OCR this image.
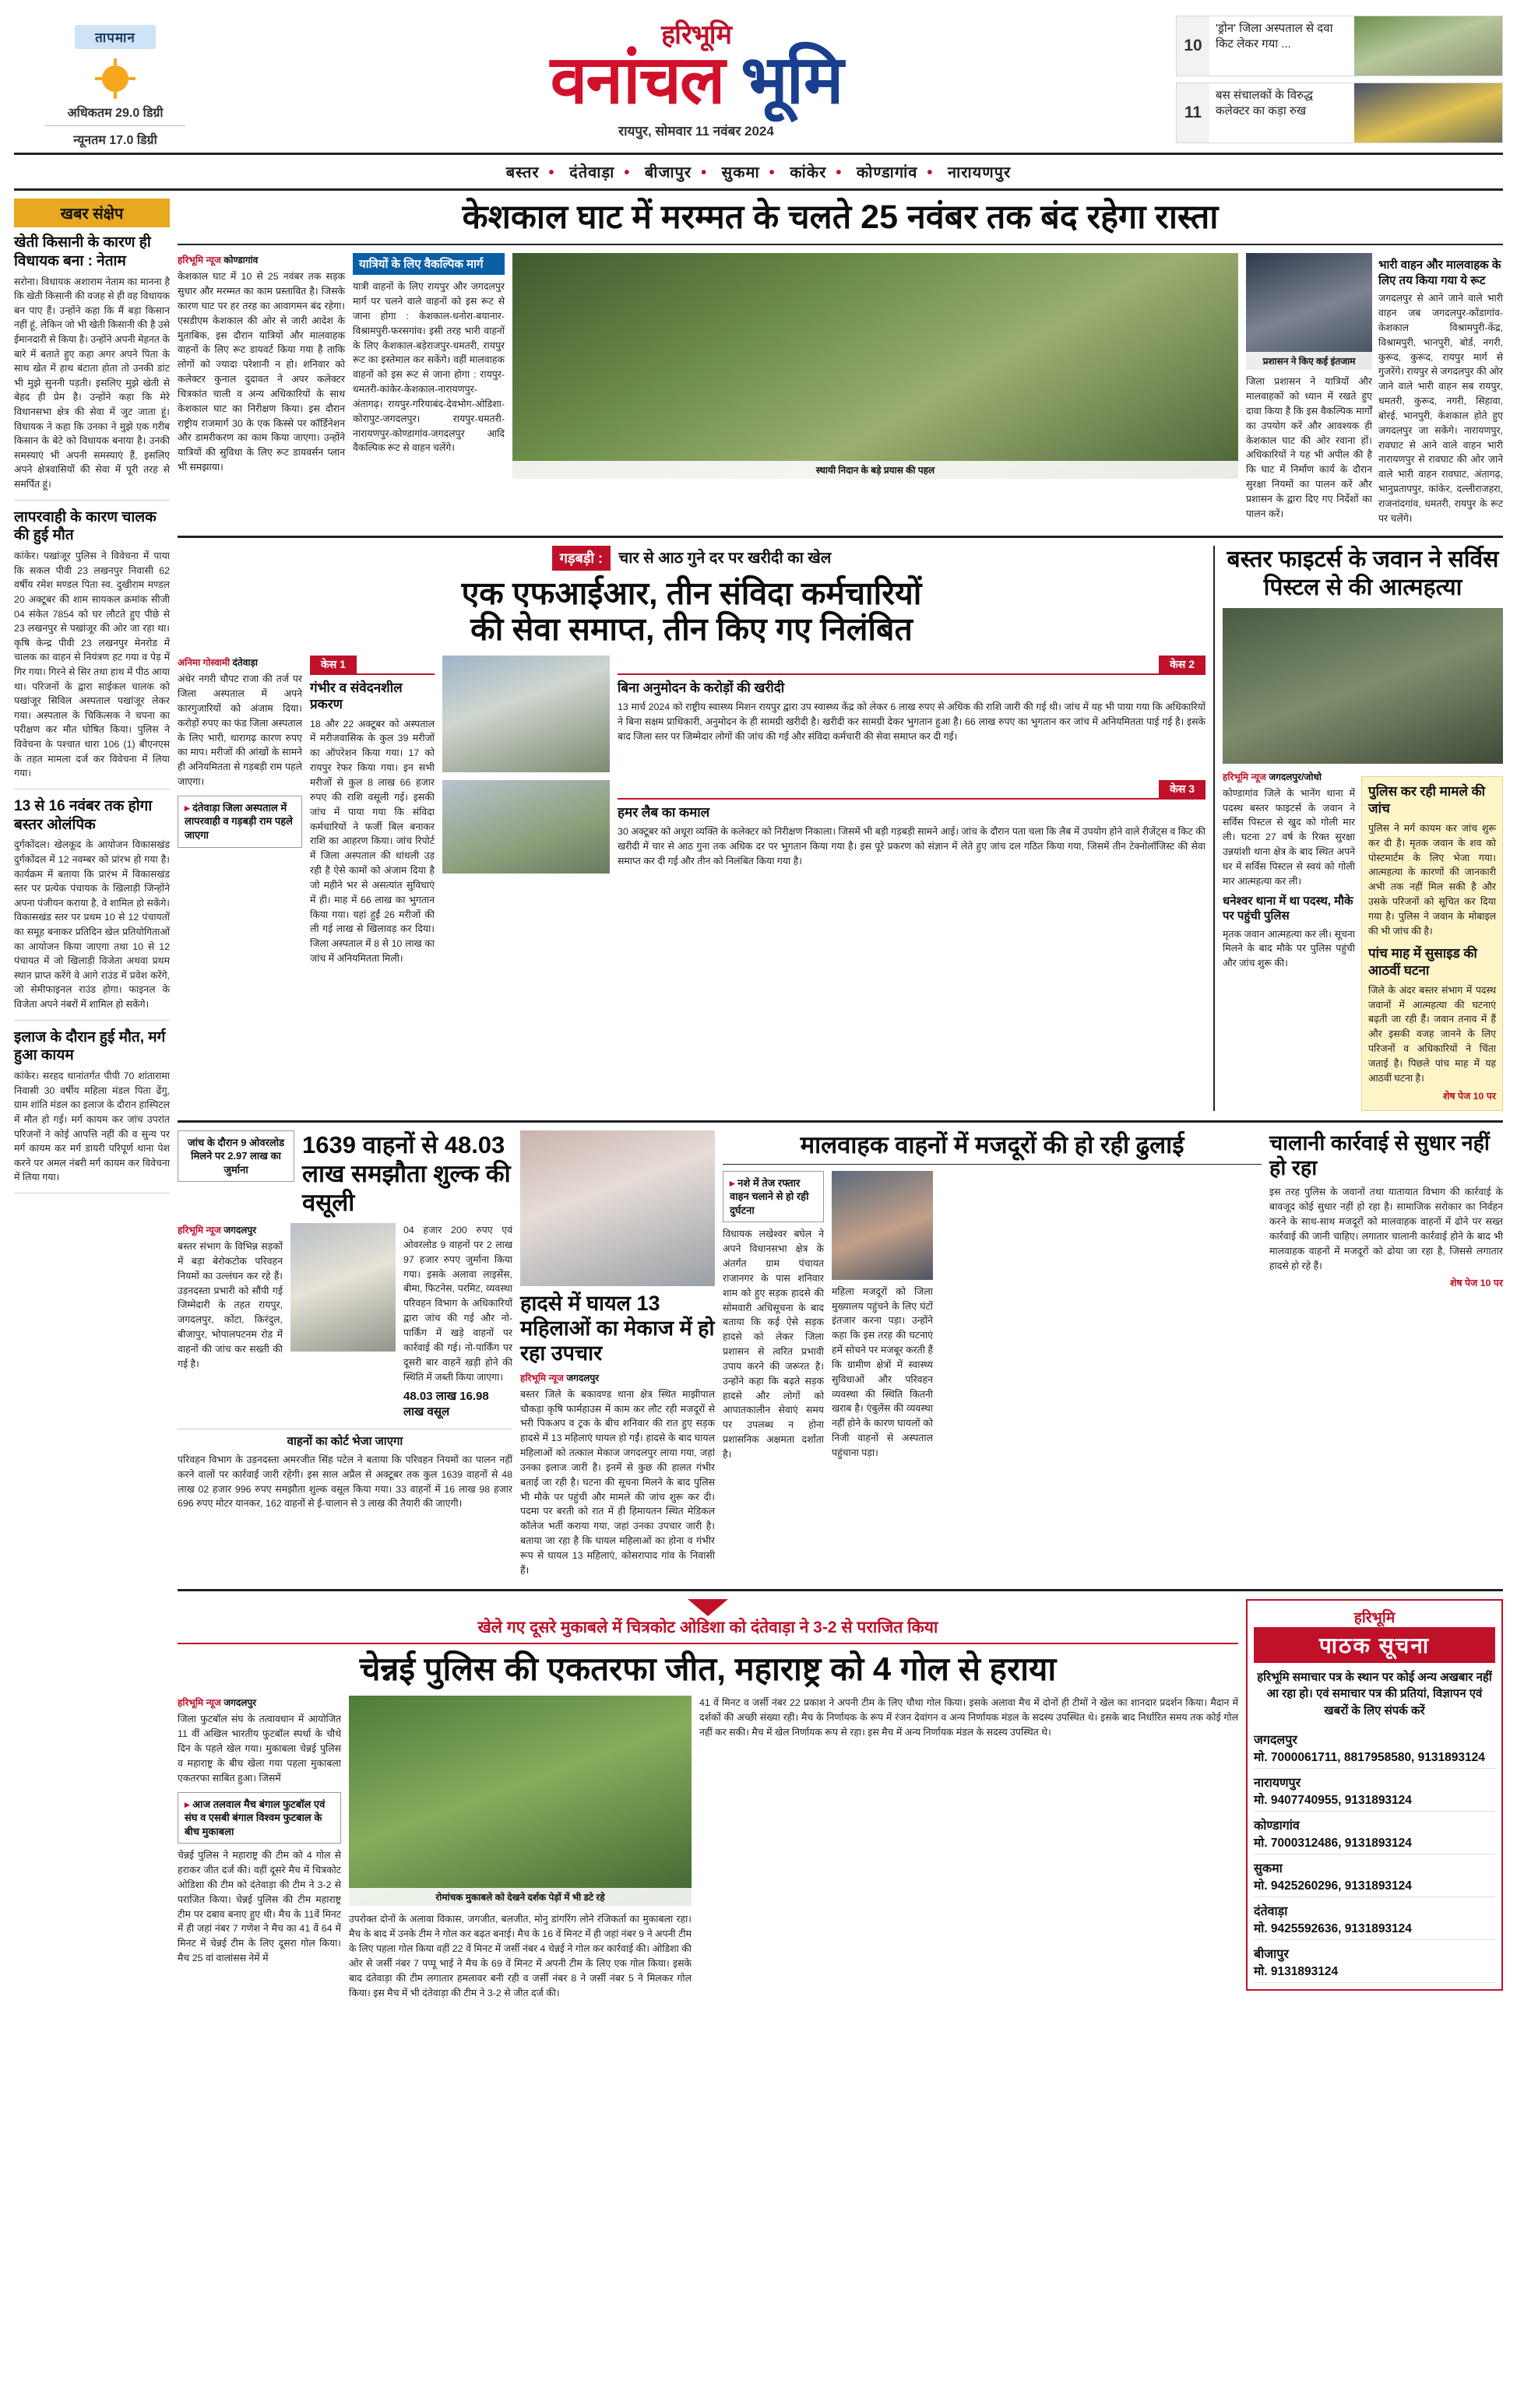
तापमान
अधिकतम 29.0 डिग्री
न्यूनतम 17.0 डिग्री
हरिभूमि
वनांचल भूमि
रायपुर, सोमवार 11 नवंबर 2024
10
'ड्रोन' जिला अस्पताल से दवा किट लेकर गया ...
11
बस संचालकों के विरुद्ध कलेक्टर का कड़ा रुख
बस्तर • दंतेवाड़ा • बीजापुर • सुकमा • कांकेर • कोण्डागांव • नारायणपुर
खबर संक्षेप
खेती किसानी के कारण ही विधायक बना : नेताम
सरोना। विधायक अशाराम नेताम का मानना है कि खेती किसानी की वजह से ही वह विधायक बन पाए हैं। उन्होंने कहा कि मैं बड़ा किसान नहीं हूं, लेकिन जो भी खेती किसानी की है उसे ईमानदारी से किया है। उन्होंने अपनी मेहनत के बारे में बताते हुए कहा अगर अपने पिता के साथ खेत में हाथ बंटाता होता तो उनकी डांट भी मुझे सुननी पड़ती। इसलिए मुझे खेती से बेहद ही प्रेम है। उन्होंने कहा कि मेरे विधानसभा क्षेत्र की सेवा में जुट जाता हूं। विधायक ने कहा कि उनका ने मुझे एक गरीब किसान के बेटे को विधायक बनाया है। उनकी समस्याएं भी अपनी समस्याएं हैं, इसलिए अपने क्षेत्रवासियों की सेवा में पूरी तरह से समर्पित हूं।
लापरवाही के कारण चालक की हुई मौत
कांकेर। पखांजूर पुलिस ने विवेचना में पाया कि सकल पीवी 23 लखनपुर निवासी 62 वर्षीय रमेश मण्डल पिता स्व. दुखीराम मण्डल 20 अक्टूबर की शाम सायकल क्रमांक सीजी 04 संकेत 7854 को घर लौटते हुए पीछे से 23 लखनपुर से पखांजूर की ओर जा रहा था। कृषि केन्द्र पीवी 23 लखनपुर मेनरोड में चालक का वाहन से नियंत्रण हट गया व पेड़ में गिर गया। गिरने से सिर तथा हाथ में पीठ आया था। परिजनों के द्वारा साईकल चालक को पखांजूर सिविल अस्पताल पखांजूर लेकर गया। अस्पताल के चिकित्सक ने चपना का परीक्षण कर मौत घोषित किया। पुलिस ने विवेचना के पश्चात धारा 106 (1) बीएनएस के तहत मामला दर्ज कर विवेचना में लिया गया।
13 से 16 नवंबर तक होगा बस्तर ओलंपिक
दुर्गकोंदल। खेलकूद के आयोजन विकासखंड दुर्गकोंदल में 12 नवम्बर को प्रांरभ हो गया है। कार्यक्रम में बताया कि प्रारंभ में विकासखंड स्तर पर प्रत्येक पंचायक के खिलाड़ी जिन्होंने अपना पंजीयन कराया है, वे शामिल हो सकेंगे। विकासखंड स्तर पर प्रथम 10 से 12 पंचायतों का समूह बनाकर प्रतिदिन खेल प्रतियोगिताओं का आयोजन किया जाएगा तथा 10 से 12 पंचायत में जो खिलाड़ी विजेता अथवा प्रथम स्थान प्राप्त करेंगे वे आगे राउंड में प्रवेश करेंगे, जो सेमीफाइनल राउंड होगा। फाइनल के विजेता अपने नंबरों में शामिल हो सकेंगे।
इलाज के दौरान हुई मौत, मर्ग हुआ कायम
कांकेर। सरहद थानांतर्गत पीपी 70 शांतारामा निवासी 30 वर्षीय महिला मंडल पिता ढेंगु, ग्राम शांति मंडल का इलाज के दौरान हास्पिटल में मौत हो गई। मर्ग कायम कर जांच उपरांत परिजनों ने कोई आपत्ति नहीं की व सुन्य पर मर्ग कायम कर मर्ग डायरी परिपूर्ण थाना पेश करने पर अमल नंबरी मर्ग कायम कर विवेचना में लिया गया।
केशकाल घाट में मरम्मत के चलते 25 नवंबर तक बंद रहेगा रास्ता
हरिभूमि न्यूज कोण्डागांव
केशकाल घाट में 10 से 25 नवंबर तक सड़क सुधार और मरम्मत का काम प्रस्तावित है। जिसके कारण घाट पर हर तरह का आवागमन बंद रहेगा। एसडीएम केशकाल की ओर से जारी आदेश के मुताबिक, इस दौरान यात्रियों और मालवाहक वाहनों के लिए रूट डायवर्ट किया गया है ताकि लोगों को ज्यादा परेशानी न हो। शनिवार को कलेक्टर कुनाल दुदावत ने अपर कलेक्टर चित्रकांत चाली व अन्य अधिकारियों के साथ केशकाल घाट का निरीक्षण किया। इस दौरान राष्ट्रीय राजमार्ग 30 के एक किस्से पर कॉर्डिनेशन और डामरीकरण का काम किया जाएगा। उन्होंने यात्रियों की सुविधा के लिए रूट डायवर्सन प्लान भी समझाया।
यात्रियों के लिए वैकल्पिक मार्ग
यात्री वाहनों के लिए रायपुर और जगदलपुर मार्ग पर चलने वाले वाहनों को इस रूट से जाना होगा : केशकाल-धनोरा-बयानार-विश्रामपुरी-फरसगांव। इसी तरह भारी वाहनों के लिए केशकाल-बड़ेराजपुर-धमतरी, रायपुर रूट का इस्तेमाल कर सकेंगे। वहीं मालवाहक वाहनों को इस रूट से जाना होगा : रायपुर-धमतरी-कांकेर-केशकाल-नारायणपुर-अंतागढ़। रायपुर-गरियाबंद-देवभोग-ओडिशा-कोरापुट-जगदलपुर। रायपुर-धमतरी-नारायणपुर-कोण्डागांव-जगदलपुर आदि वैकल्पिक रूट से वाहन चलेंगे।
स्थायी निदान के बड़े प्रयास की पहल
प्रशासन ने किए कई इंतजाम
जिला प्रशासन ने यात्रियों और मालवाहकों को ध्यान में रखते हुए दावा किया है कि इस वैकल्पिक मार्गों का उपयोग करें और आवश्यक ही केशकाल घाट की ओर रवाना हों। अधिकारियों ने यह भी अपील की है कि घाट में निर्माण कार्य के दौरान सुरक्षा नियमों का पालन करें और प्रशासन के द्वारा दिए गए निर्देशों का पालन करें।
भारी वाहन और मालवाहक के लिए तय किया गया ये रूट
जगदलपुर से आने जाने वाले भारी वाहन जब जगदलपुर-कोंडागांव-केशकाल विश्रामपुरी-केंद्र, विश्रामपुरी, भानपुरी, बोर्ड, नगरी, कुरूद, कुरूद, रायपुर मार्ग से गुजरेंगे। रायपुर से जगदलपुर की ओर जाने वाले भारी वाहन सब रायपुर, धमतरी, कुरूद, नगरी, सिहावा, बोरई, भानपुरी, केशकाल होते हुए जगदलपुर जा सकेंगे। नारायणपुर, रावघाट से आने वाले वाहन भारी नारायणपुर से रावघाट की ओर जाने वाले भारी वाहन रावघाट, अंतागढ़, भानुप्रतापपुर, कांकेर, दल्लीराजहरा, राजनांदगांव, धमतरी, रायपुर के रूट पर चलेंगे।
गड़बड़ी : चार से आठ गुने दर पर खरीदी का खेल
एक एफआईआर, तीन संविदा कर्मचारियों
की सेवा समाप्त, तीन किए गए निलंबित
अनिमा गोस्वामी दंतेवाड़ा
अंधेर नगरी चौपट राजा की तर्ज पर जिला अस्पताल में अपने कारगुजारियों को अंजाम दिया। करोड़ों रुपए का फंड जिला अस्पताल के लिए भारी, थारागढ़ कारण रुपए का माप। मरीजों की आंखों के सामने ही अनियमितता से गड़बड़ी राम पहले जाएगा।
▸ दंतेवाड़ा जिला अस्पताल में लापरवाही व गड़बड़ी राम पहले जाएगा
केस 1
गंभीर व संवेदनशील प्रकरण
18 और 22 अक्टूबर को अस्पताल में मरीजवासिक के कुल 39 मरीजों का ऑपरेशन किया गया। 17 को रायपुर रेफर किया गया। इन सभी मरीजों से कुल 8 लाख 66 हजार रुपए की राशि वसूली गई। इसकी जांच में पाया गया कि संविदा कर्मचारियों ने फर्जी बिल बनाकर राशि का आहरण किया। जांच रिपोर्ट में जिला अस्पताल की धांधली उड़ रही है ऐसे कामों को अंजाम दिया है जो महीने भर से असत्यांत सुविधाएं में ही। माह में 66 लाख का भुगतान किया गया। यहां हुईं 26 मरीजों की ली गई लाख से खिलावड़ कर दिया। जिला अस्पताल में 8 से 10 लाख का जांच में अनियमितता मिली।
केस 2
बिना अनुमोदन के करोड़ों की खरीदी
13 मार्च 2024 को राष्ट्रीय स्वास्थ्य मिशन रायपुर द्वारा उप स्वास्थ्य केंद्र को लेकर 6 लाख रुपए से अधिक की राशि जारी की गई थी। जांच में यह भी पाया गया कि अधिकारियों ने बिना सक्षम प्राधिकारी, अनुमोदन के ही सामग्री खरीदी है। खरीदी कर सामग्री देकर भुगतान हुआ है। 66 लाख रुपए का भुगतान कर जांच में अनियमितता पाई गई है। इसके बाद जिला स्तर पर जिम्मेदार लोगों की जांच की गई और संविदा कर्मचारी की सेवा समाप्त कर दी गई।
केस 3
हमर लैब का कमाल
30 अक्टूबर को अधूरा व्यक्ति के कलेक्टर को निरीक्षण निकाला। जिसमें भी बड़ी गड़बड़ी सामने आई। जांच के दौरान पता चला कि लैब में उपयोग होने वाले रीजेंट्स व किट की खरीदी में चार से आठ गुना तक अधिक दर पर भुगतान किया गया है। इस पूरे प्रकरण को संज्ञान में लेते हुए जांच दल गठित किया गया, जिसमें तीन टेक्नोलॉजिस्ट की सेवा समाप्त कर दी गई और तीन को निलंबित किया गया है।
बस्तर फाइटर्स के जवान ने सर्विस पिस्टल से की आत्महत्या
हरिभूमि न्यूज जगदलपुर/जोधो
कोण्डागांव जिले के भानेंग थाना में पदस्थ बस्तर फाइटर्स के जवान ने सर्विस पिस्टल से खुद को गोली मार ली। घटना 27 वर्ष के रिक्त सुरक्षा उन्नयांशी थाना क्षेत्र के बाद स्थित अपने घर में सर्विस पिस्टल से स्वयं को गोली मार आत्महत्या कर ली।
धनेश्वर थाना में था पदस्थ, मौके पर पहुंची पुलिस
मृतक जवान आत्महत्या कर ली। सूचना मिलने के बाद मौके पर पुलिस पहुंची और जांच शुरू की।
पुलिस कर रही मामले की जांच
पुलिस ने मर्ग कायम कर जांच शुरू कर दी है। मृतक जवान के शव को पोस्टमार्टम के लिए भेजा गया। आत्महत्या के कारणों की जानकारी अभी तक नहीं मिल सकी है और उसके परिजनों को सूचित कर दिया गया है। पुलिस ने जवान के मोबाइल की भी जांच की है।
पांच माह में सुसाइड की आठवीं घटना
जिले के अंदर बस्तर संभाग में पदस्थ जवानों में आत्महत्या की घटनाएं बढ़ती जा रही हैं। जवान तनाव में हैं और इसकी वजह जानने के लिए परिजनों व अधिकारियों ने चिंता जताई है। पिछले पांच माह में यह आठवीं घटना है।
शेष पेज 10 पर
जांच के दौरान 9 ओवरलोड मिलने पर 2.97 लाख का जुर्माना
1639 वाहनों से 48.03 लाख समझौता शुल्क की वसूली
हरिभूमि न्यूज जगदलपुर
बस्तर संभाग के विभिन्न सड़कों में बड़ा बेरोकटोक परिवहन नियमों का उल्लंघन कर रहे हैं। उड़नदस्ता प्रभारी को सौंपी गई जिम्मेदारी के तहत रायपुर, जगदलपुर, कोंटा, किरंदुल, बीजापुर, भोपालपटनम रोड में वाहनों की जांच कर सख्ती की गई है।
04 हजार 200 रुपए एवं ओवरलोड 9 वाहनों पर 2 लाख 97 हजार रुपए जुर्माना किया गया। इसके अलावा लाइसेंस, बीमा, फिटनेस, परमिट, व्यवस्था परिवहन विभाग के अधिकारियों द्वारा जांच की गई और नो-पार्किंग में खड़े वाहनों पर कार्रवाई की गई। नो-पार्किंग पर दूसरी बार वाहनें खड़ी होने की स्थिति में जब्ती किया जाएगा।
48.03 लाख 16.98 लाख वसूल
वाहनों का कोर्ट भेजा जाएगा
परिवहन विभाग के उड़नदस्ता अमरजीत सिंह पटेल ने बताया कि परिवहन नियमों का पालन नहीं करने वालों पर कार्रवाई जारी रहेगी। इस साल अप्रैल से अक्टूबर तक कुल 1639 वाहनों से 48 लाख 02 हजार 996 रुपए समझौता शुल्क वसूल किया गया। 33 वाहनों में 16 लाख 98 हजार 696 रुपए मोटर यानकर, 162 वाहनों से ई-चालान से 3 लाख की तैयारी की जाएगी।
हादसे में घायल 13 महिलाओं का मेकाज में हो रहा उपचार
हरिभूमि न्यूज जगदलपुर
बस्तर जिले के बकावण्ड थाना क्षेत्र स्थित माझीपाल चौकड़ा कृषि फार्महाउस में काम कर लौट रही मजदूरों से भरी पिकअप व ट्रक के बीच शनिवार की रात हुए सड़क हादसे में 13 महिलाएं घायल हो गईं। हादसे के बाद घायल महिलाओं को तत्काल मेकाज जगदलपुर लाया गया, जहां उनका इलाज जारी है। इनमें से कुछ की हालत गंभीर बताई जा रही है। घटना की सूचना मिलने के बाद पुलिस भी मौके पर पहुंची और मामले की जांच शुरू कर दी। पदमा पर बरती को रात में ही हिमायतन स्थित मेडिकल कॉलेज भर्ती कराया गया, जहां उनका उपचार जारी है। बताया जा रहा है कि घायल महिलाओं का होना व गंभीर रूप से घायल 13 महिलाएं, कोसरापाद गांव के निवासी हैं।
मालवाहक वाहनों में मजदूरों की हो रही ढुलाई
▸ नशे में तेज रफ्तार वाहन चलाने से हो रही दुर्घटना
विधायक लखेश्वर बघेल ने अपने विधानसभा क्षेत्र के अंतर्गत ग्राम पंचायत राजानगर के पास शनिवार शाम को हुए सड़क हादसे की सोमवारी अधिसूचना के बाद बताया कि कई ऐसे सड़क हादसे को लेकर जिला प्रशासन से त्वरित प्रभावी उपाय करने की जरूरत है। उन्होंने कहा कि बढ़ते सड़क हादसे और लोगों को आपातकालीन सेवाएं समय पर उपलब्ध न होना प्रशासनिक अक्षमता दर्शाता है।
महिला मजदूरों को जिला मुख्यालय पहुंचने के लिए घंटों इंतजार करना पड़ा। उन्होंने कहा कि इस तरह की घटनाएं हमें सोचने पर मजबूर करती हैं कि ग्रामीण क्षेत्रों में स्वास्थ्य सुविधाओं और परिवहन व्यवस्था की स्थिति कितनी खराब है। एंबुलेंस की व्यवस्था नहीं होने के कारण घायलों को निजी वाहनों से अस्पताल पहुंचाना पड़ा।
चालानी कार्रवाई से सुधार नहीं हो रहा
इस तरह पुलिस के जवानों तथा यातायात विभाग की कार्रवाई के बावजूद कोई सुधार नहीं हो रहा है। सामाजिक सरोकार का निर्वहन करने के साथ-साथ मजदूरों को मालवाहक वाहनों में ढोने पर सख्त कार्रवाई की जानी चाहिए। लगातार चालानी कार्रवाई होने के बाद भी मालवाहक वाहनों में मजदूरों को ढोया जा रहा है, जिससे लगातार हादसे हो रहे हैं।
शेष पेज 10 पर
खेले गए दूसरे मुकाबले में चित्रकोट ओडिशा को दंतेवाड़ा ने 3-2 से पराजित किया
चेन्नई पुलिस की एकतरफा जीत, महाराष्ट्र को 4 गोल से हराया
हरिभूमि न्यूज जगदलपुर
जिला फुटबॉल संघ के तत्वावधान में आयोजित 11 वीं अखिल भारतीय फुटबॉल स्पर्धा के चौथे दिन के पहले खेल गया। मुकाबला चेन्नई पुलिस व महाराष्ट्र के बीच खेला गया पहला मुकाबला एकतरफा साबित हुआ। जिसमें
▸ आज तलवाल मैच बंगाल फुटबॉल एवं संघ व एसबी बंगाल विश्वम फुटबाल के बीच मुकाबला
चेन्नई पुलिस ने महाराष्ट्र की टीम को 4 गोल से हराकर जीत दर्ज की। वहीं दूसरे मैच में चित्रकोट ओडिशा की टीम को दंतेवाड़ा की टीम ने 3-2 से पराजित किया। चेन्नई पुलिस की टीम महाराष्ट्र टीम पर दबाव बनाए हुए थी। मैच के 11वें मिनट में ही जहां नंबर 7 गणेश ने मैच का 41 वें 64 में मिनट में चेन्नई टीम के लिए दूसरा गोल किया। मैच 25 वां वालांसस नेमें में
रोमांचक मुकाबले को देखने दर्शक पेड़ों में भी डटे रहे
उपरोक्त दोनों के अलावा विकास, जगजीत, बलजीत, मोनु डांगरिंग लोने रंजिकर्ता का मुकाबला रहा। मैच के बाद में उनके टीम ने गोल कर बढ़त बनाई। मैच के 16 वें मिनट में ही जहां नंबर 9 ने अपनी टीम के लिए पहला गोल किया वहीं 22 वें मिनट में जर्सी नंबर 4 चेन्नई ने गोल कर कार्रवाई की। ओडिशा की ओर से जर्सी नंबर 7 पप्पू भाई ने मैच के 69 वें मिनट में अपनी टीम के लिए एक गोल किया। इसके बाद दंतेवाड़ा की टीम लगातार हमलावर बनी रही व जर्सी नंबर 8 ने जर्सी नंबर 5 ने मिलकर गोल किया। इस मैच में भी दंतेवाड़ा की टीम ने 3-2 से जीत दर्ज की।
41 वें मिनट व जर्सी नंबर 22 प्रकाश ने अपनी टीम के लिए चौथा गोल किया। इसके अलावा मैच में दोनों ही टीमों ने खेल का शानदार प्रदर्शन किया। मैदान में दर्शकों की अच्छी संख्या रही। मैच के निर्णायक के रूप में रंजन देवांगन व अन्य निर्णायक मंडल के सदस्य उपस्थित थे। इसके बाद निर्धारित समय तक कोई गोल नहीं कर सकी। मैच में खेल निर्णायक रूप से रहा। इस मैच में अन्य निर्णायक मंडल के सदस्य उपस्थित थे।
हरिभूमि
पाठक सूचना
हरिभूमि समाचार पत्र के स्थान पर कोई अन्य अखबार नहीं आ रहा हो। एवं समाचार पत्र की प्रतियां, विज्ञापन एवं खबरों के लिए संपर्क करें
जगदलपुर
मो. 7000061711, 8817958580, 9131893124
नारायणपुर
मो. 9407740955, 9131893124
कोण्डागांव
मो. 7000312486, 9131893124
सुकमा
मो. 9425260296, 9131893124
दंतेवाड़ा
मो. 9425592636, 9131893124
बीजापुर
मो. 9131893124
